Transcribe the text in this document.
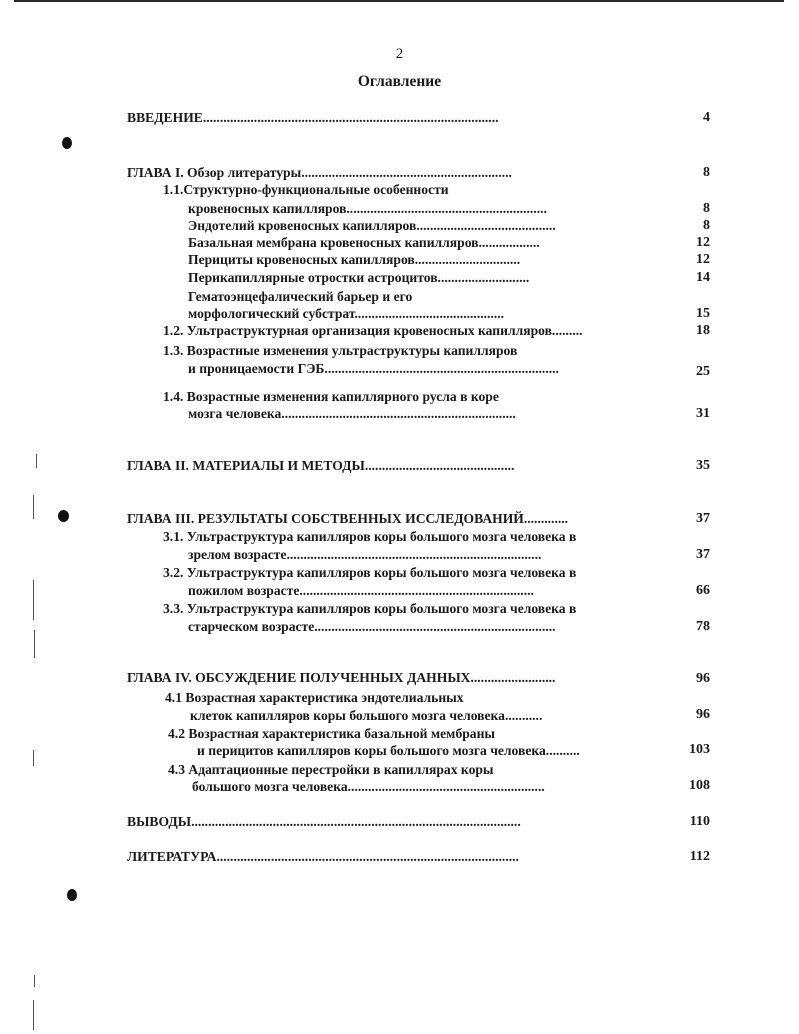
2
Оглавление
ВВЕДЕНИЕ.......................................................................................	4
ГЛАВА I. Обзор литературы..............................................................	8
1.1.Структурно-функциональные особенности
кровеносных капилляров...........................................................	8
Эндотелий кровеносных капилляров.........................................	8
Базальная мембрана кровеносных капилляров..................	12
Перициты кровеносных капилляров...............................	12
Перикапиллярные отростки астроцитов...........................	14
Гематоэнцефалический барьер и его
морфологический субстрат............................................	15
1.2. Ультраструктурная организация кровеносных капилляров.........	18
1.3. Возрастные изменения ультраструктуры капилляров
и проницаемости ГЭБ.....................................................................	25
1.4. Возрастные изменения капиллярного русла в коре
мозга человека.....................................................................	31
ГЛАВА II. МАТЕРИАЛЫ И МЕТОДЫ............................................	35
ГЛАВА III. РЕЗУЛЬТАТЫ СОБСТВЕННЫХ ИССЛЕДОВАНИЙ.............	37
3.1. Ультраструктура капилляров коры большого мозга человека в
зрелом возрасте...........................................................................	37
3.2. Ультраструктура капилляров коры большого мозга человека в
пожилом возрасте.....................................................................	66
3.3. Ультраструктура капилляров коры большого мозга человека в
старческом возрасте.......................................................................	78
ГЛАВА IV. ОБСУЖДЕНИЕ ПОЛУЧЕННЫХ ДАННЫХ.........................	96
4.1 Возрастная характеристика эндотелиальных
клеток капилляров коры большого мозга человека...........	96
4.2 Возрастная характеристика базальной мембраны
и перицитов капилляров коры большого мозга человека..........	103
4.3 Адаптационные перестройки в капиллярах коры
большого мозга человека..........................................................	108
ВЫВОДЫ.................................................................................................	110
ЛИТЕРАТУРА.........................................................................................	112
